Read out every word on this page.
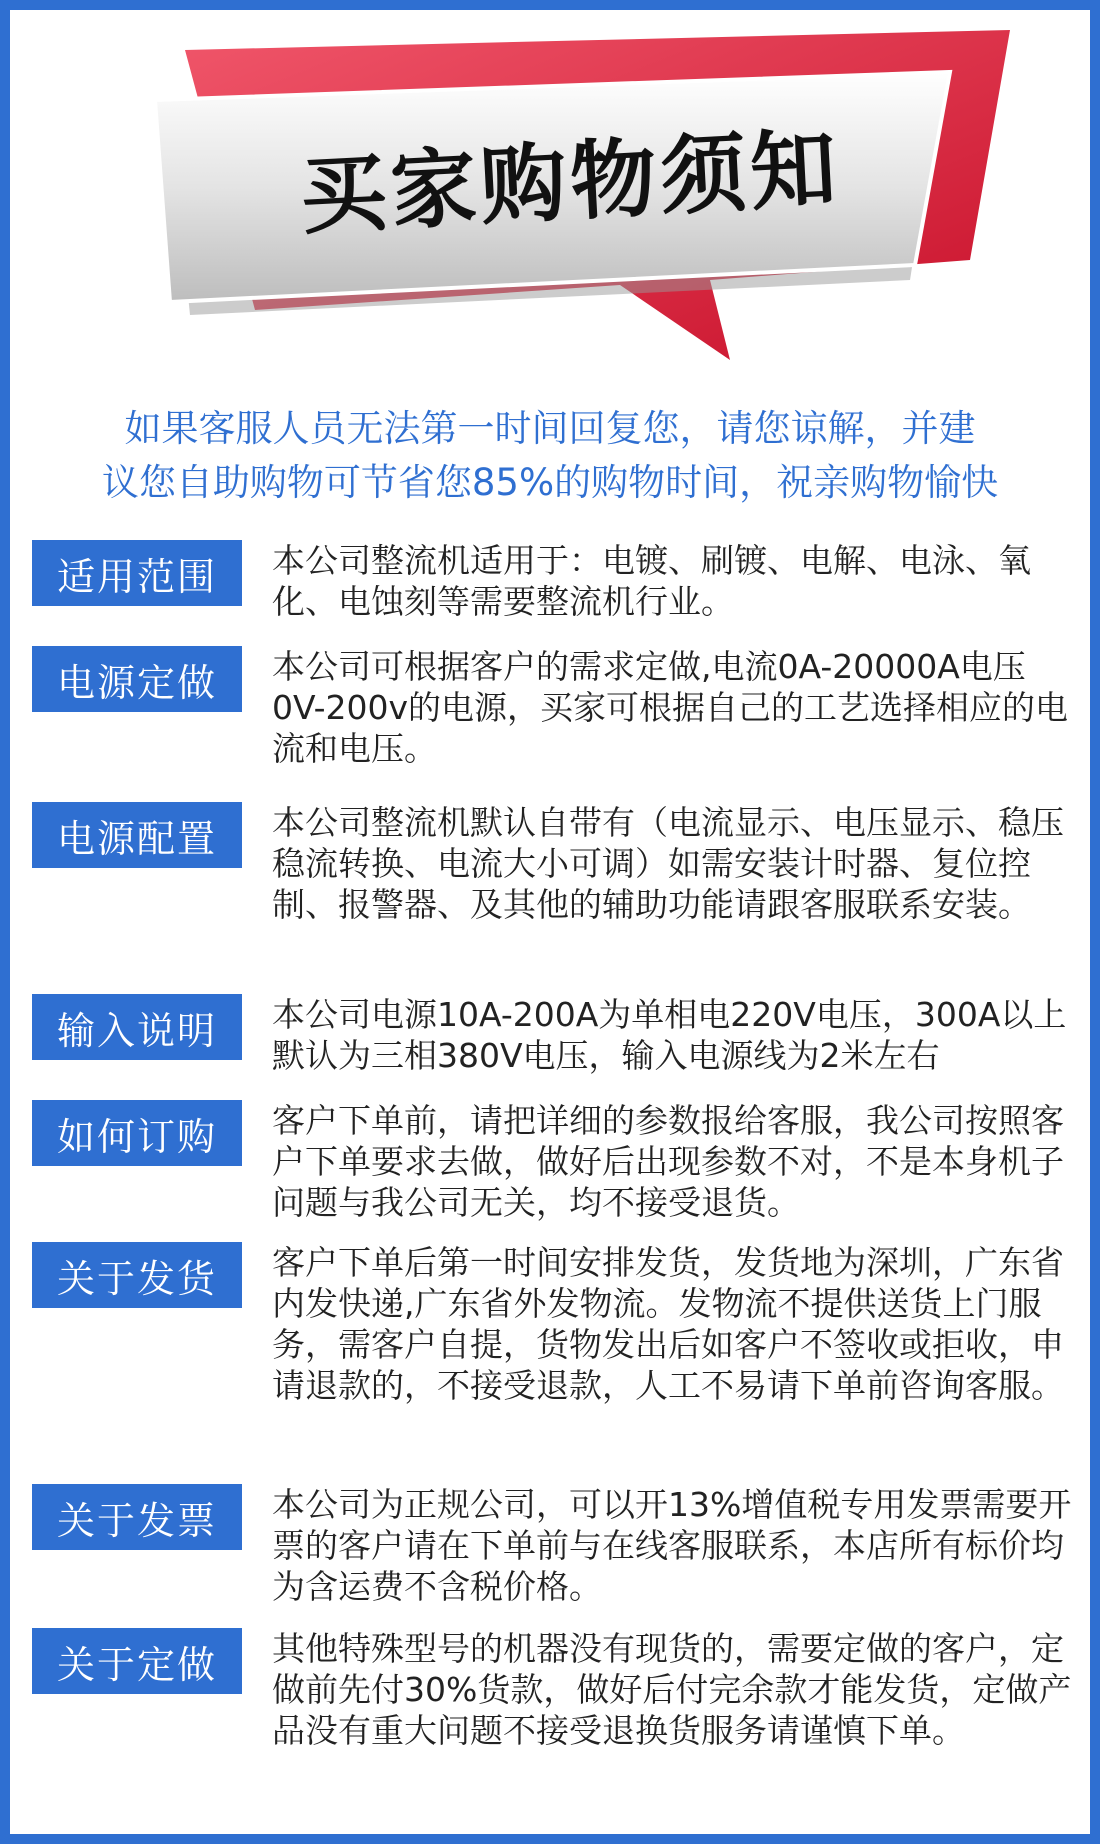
买家购物须知
如果客服人员无法第一时间回复您，请您谅解，并建
议您自助购物可节省您85%的购物时间，祝亲购物愉快
适用范围	本公司整流机适用于：电镀、刷镀、电解、电泳、氧化、电蚀刻等需要整流机行业。
电源定做	本公司可根据客户的需求定做,电流0A-20000A电压0V-200v的电源，买家可根据自己的工艺选择相应的电流和电压。
电源配置	本公司整流机默认自带有（电流显示、电压显示、稳压稳流转换、电流大小可调）如需安装计时器、复位控制、报警器、及其他的辅助功能请跟客服联系安装。
输入说明	本公司电源10A-200A为单相电220V电压，300A以上默认为三相380V电压，输入电源线为2米左右
如何订购	客户下单前，请把详细的参数报给客服，我公司按照客户下单要求去做，做好后出现参数不对，不是本身机子问题与我公司无关，均不接受退货。
关于发货	客户下单后第一时间安排发货，发货地为深圳，广东省内发快递,广东省外发物流。发物流不提供送货上门服务，需客户自提，货物发出后如客户不签收或拒收，申请退款的，不接受退款，人工不易请下单前咨询客服。
关于发票	本公司为正规公司，可以开13%增值税专用发票需要开票的客户请在下单前与在线客服联系，本店所有标价均为含运费不含税价格。
关于定做	其他特殊型号的机器没有现货的，需要定做的客户，定做前先付30%货款，做好后付完余款才能发货，定做产品没有重大问题不接受退换货服务请谨慎下单。
